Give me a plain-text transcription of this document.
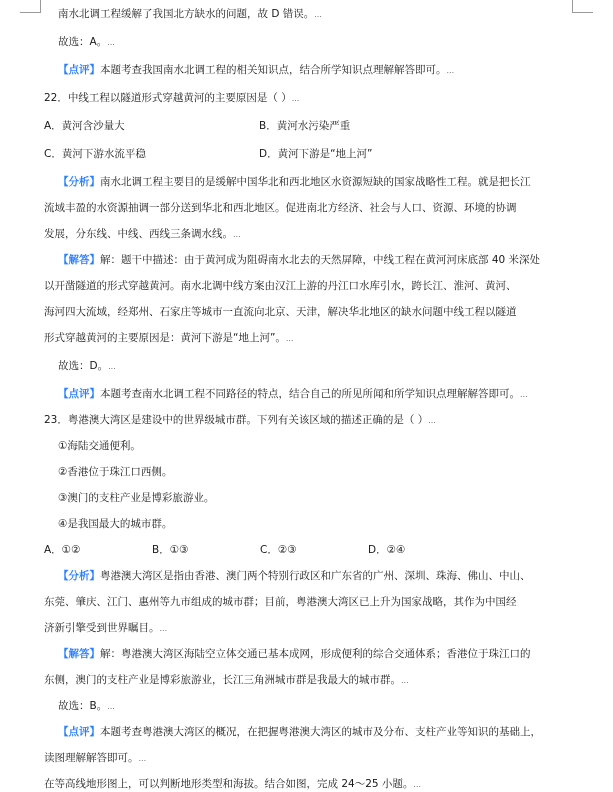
南水北调工程缓解了我国北方缺水的问题，故 D 错误。...
故选：A。...
【点评】本题考查我国南水北调工程的相关知识点，结合所学知识点理解解答即可。...
22．中线工程以隧道形式穿越黄河的主要原因是（ ）...
A．黄河含沙量大	B．黄河水污染严重
C．黄河下游水流平稳	D．黄河下游是“地上河”
【分析】南水北调工程主要目的是缓解中国华北和西北地区水资源短缺的国家战略性工程。就是把长江
流域丰盈的水资源抽调一部分送到华北和西北地区。促进南北方经济、社会与人口、资源、环境的协调
发展，分东线、中线、西线三条调水线。...
【解答】解：题干中描述：由于黄河成为阻碍南水北去的天然屏障，中线工程在黄河河床底部 40 米深处
以开凿隧道的形式穿越黄河。南水北调中线方案由汉江上游的丹江口水库引水，跨长江、淮河、黄河、
海河四大流域，经郑州、石家庄等城市一直流向北京、天津，解决华北地区的缺水问题中线工程以隧道
形式穿越黄河的主要原因是：黄河下游是“地上河”。...
故选：D。...
【点评】本题考查南水北调工程不同路径的特点，结合自己的所见所闻和所学知识点理解解答即可。...
23．粤港澳大湾区是建设中的世界级城市群。下列有关该区域的描述正确的是（ ）...
①海陆交通便利。
②香港位于珠江口西侧。
③澳门的支柱产业是博彩旅游业。
④是我国最大的城市群。
A．①②	B．①③	C．②③	D．②④
【分析】粤港澳大湾区是指由香港、澳门两个特别行政区和广东省的广州、深圳、珠海、佛山、中山、
东莞、肇庆、江门、惠州等九市组成的城市群；目前，粤港澳大湾区已上升为国家战略，其作为中国经
济新引擎受到世界瞩目。...
【解答】解：粤港澳大湾区海陆空立体交通已基本成网，形成便利的综合交通体系；香港位于珠江口的
东侧，澳门的支柱产业是博彩旅游业，长江三角洲城市群是我最大的城市群。...
故选：B。...
【点评】本题考查粤港澳大湾区的概况，在把握粤港澳大湾区的城市及分布、支柱产业等知识的基础上，
读图理解解答即可。...
在等高线地形图上，可以判断地形类型和海拔。结合如图，完成 24～25 小题。...
